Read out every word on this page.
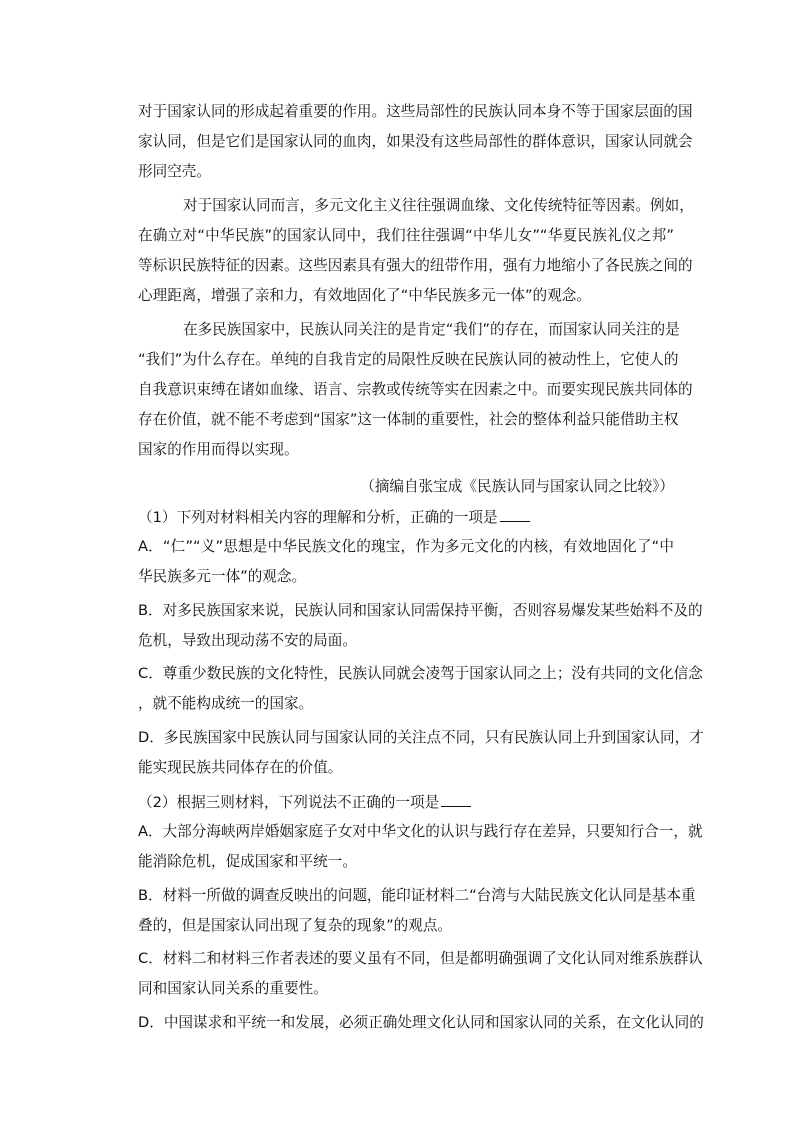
对于国家认同的形成起着重要的作用。这些局部性的民族认同本身不等于国家层面的国
家认同，但是它们是国家认同的血肉，如果没有这些局部性的群体意识，国家认同就会
形同空壳。
对于国家认同而言，多元文化主义往往强调血缘、文化传统特征等因素。例如，
在确立对“中华民族”的国家认同中，我们往往强调“中华儿女”“华夏民族礼仪之邦”
等标识民族特征的因素。这些因素具有强大的纽带作用，强有力地缩小了各民族之间的
心理距离，增强了亲和力，有效地固化了“中华民族多元一体”的观念。
在多民族国家中，民族认同关注的是肯定“我们”的存在，而国家认同关注的是
“我们”为什么存在。单纯的自我肯定的局限性反映在民族认同的被动性上，它使人的
自我意识束缚在诸如血缘、语言、宗教或传统等实在因素之中。而要实现民族共同体的
存在价值，就不能不考虑到“国家”这一体制的重要性，社会的整体利益只能借助主权
国家的作用而得以实现。
（摘编自张宝成《民族认同与国家认同之比较》）
（1）下列对材料相关内容的理解和分析，正确的一项是
A．“仁”“义”思想是中华民族文化的瑰宝，作为多元文化的内核，有效地固化了“中
华民族多元一体”的观念。
B．对多民族国家来说，民族认同和国家认同需保持平衡，否则容易爆发某些始料不及的
危机，导致出现动荡不安的局面。
C．尊重少数民族的文化特性，民族认同就会凌驾于国家认同之上；没有共同的文化信念
，就不能构成统一的国家。
D．多民族国家中民族认同与国家认同的关注点不同，只有民族认同上升到国家认同，才
能实现民族共同体存在的价值。
（2）根据三则材料，下列说法不正确的一项是
A．大部分海峡两岸婚姻家庭子女对中华文化的认识与践行存在差异，只要知行合一，就
能消除危机，促成国家和平统一。
B．材料一所做的调查反映出的问题，能印证材料二“台湾与大陆民族文化认同是基本重
叠的，但是国家认同出现了复杂的现象”的观点。
C．材料二和材料三作者表述的要义虽有不同，但是都明确强调了文化认同对维系族群认
同和国家认同关系的重要性。
D．中国谋求和平统一和发展，必须正确处理文化认同和国家认同的关系，在文化认同的
